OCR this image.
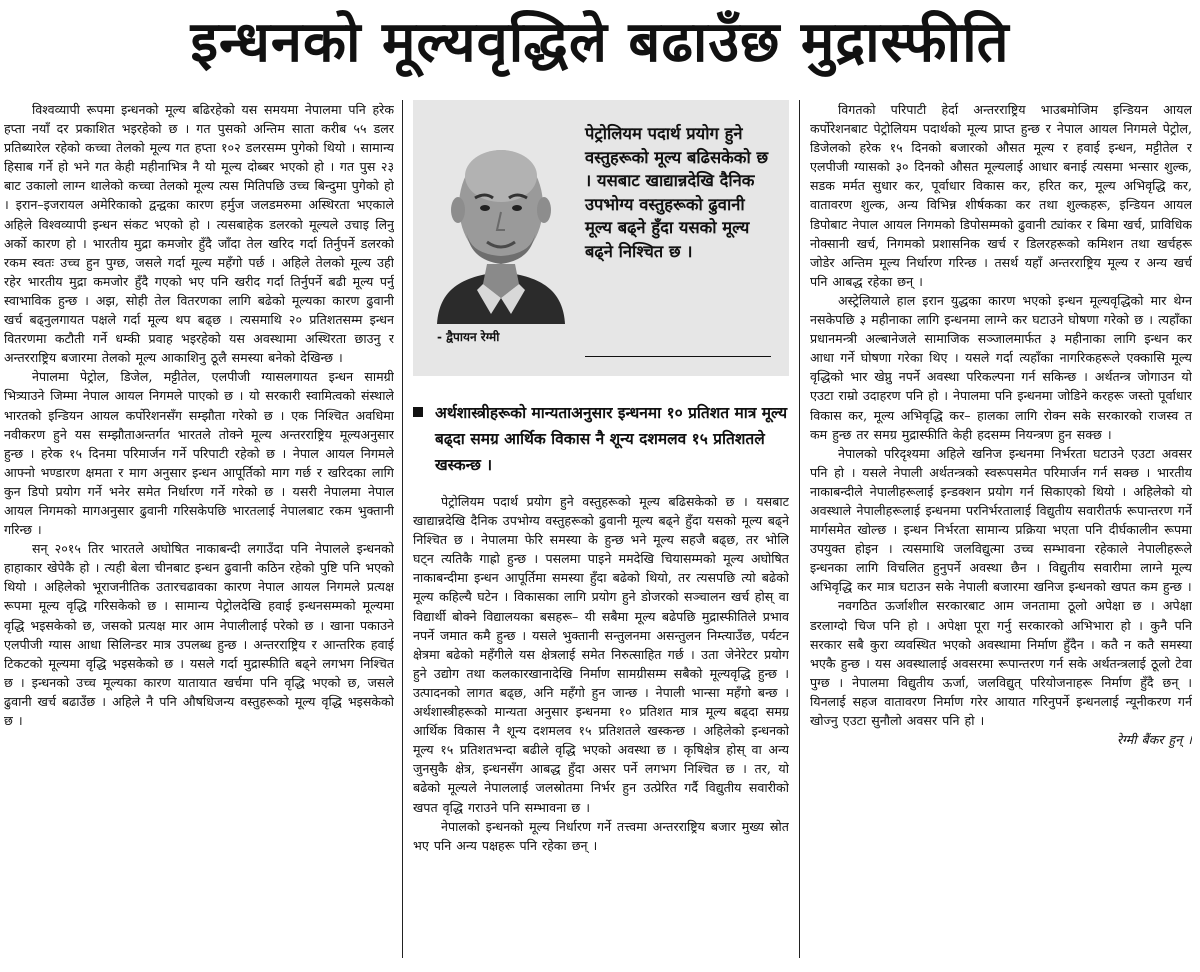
इन्धनको मूल्यवृद्धिले बढाउँछ मुद्रास्फीति

विश्वव्यापी रूपमा इन्धनको मूल्य बढिरहेको यस समयमा नेपालमा पनि हरेक हप्ता नयाँ दर प्रकाशित भइरहेको छ । गत पुसको अन्तिम साता करीब ५५ डलर प्रतिब्यारेल रहेको कच्चा तेलको मूल्य गत हप्ता १०२ डलरसम्म पुगेको थियो । सामान्य हिसाब गर्ने हो भने गत केही महीनाभित्र नै यो मूल्य दोब्बर भएको हो । गत पुस २३ बाट उकालो लाग्न थालेको कच्चा तेलको मूल्य त्यस मितिपछि उच्च बिन्दुमा पुगेको हो । इरान–इजरायल अमेरिकाको द्वन्द्वका कारण हर्मुज जलडमरुमा अस्थिरता भएकाले अहिले विश्वव्यापी इन्धन संकट भएको हो । त्यसबाहेक डलरको मूल्यले उचाइ लिनु अर्को कारण हो । भारतीय मुद्रा कमजोर हुँदै जाँदा तेल खरिद गर्दा तिर्नुपर्ने डलरको रकम स्वतः उच्च हुन पुग्छ, जसले गर्दा मूल्य महँगो पर्छ । अहिले तेलको मूल्य उही रहेर भारतीय मुद्रा कमजोर हुँदै गएको भए पनि खरीद गर्दा तिर्नुपर्ने बढी मूल्य पर्नु स्वाभाविक हुन्छ । अझ, सोही तेल वितरणका लागि बढेको मूल्यका कारण ढुवानी खर्च बढ्नुलगायत पक्षले गर्दा मूल्य थप बढ्छ । त्यसमाथि २० प्रतिशतसम्म इन्धन वितरणमा कटौती गर्ने धम्की प्रवाह भइरहेको यस अवस्थामा अस्थिरता छाउनु र अन्तरराष्ट्रिय बजारमा तेलको मूल्य आकाशिनु ठूलै समस्या बनेको देखिन्छ ।

नेपालमा पेट्रोल, डिजेल, मट्टीतेल, एलपीजी ग्यासलगायत इन्धन सामग्री भित्र्याउने जिम्मा नेपाल आयल निगमले पाएको छ । यो सरकारी स्वामित्वको संस्थाले भारतको इन्डियन आयल कर्पोरेशनसँग सम्झौता गरेको छ । एक निश्चित अवधिमा नवीकरण हुने यस सम्झौताअन्तर्गत भारतले तोक्ने मूल्य अन्तरराष्ट्रिय मूल्यअनुसार हुन्छ । हरेक १५ दिनमा परिमार्जन गर्ने परिपाटी रहेको छ । नेपाल आयल निगमले आफ्नो भण्डारण क्षमता र माग अनुसार इन्धन आपूर्तिको माग गर्छ र खरिदका लागि कुन डिपो प्रयोग गर्ने भनेर समेत निर्धारण गर्ने गरेको छ । यसरी नेपालमा नेपाल आयल निगमको मागअनुसार ढुवानी गरिसकेपछि भारतलाई नेपालबाट रकम भुक्तानी गरिन्छ ।

सन् २०१५ तिर भारतले अघोषित नाकाबन्दी लगाउँदा पनि नेपालले इन्धनको हाहाकार खेपेकै हो । त्यही बेला चीनबाट इन्धन ढुवानी कठिन रहेको पुष्टि पनि भएको थियो । अहिलेको भूराजनीतिक उतारचढावका कारण नेपाल आयल निगमले प्रत्यक्ष रूपमा मूल्य वृद्धि गरिसकेको छ । सामान्य पेट्रोलदेखि हवाई इन्धनसम्मको मूल्यमा वृद्धि भइसकेको छ, जसको प्रत्यक्ष मार आम नेपालीलाई परेको छ । खाना पकाउने एलपीजी ग्यास आधा सिलिन्डर मात्र उपलब्ध हुन्छ । अन्तरराष्ट्रिय र आन्तरिक हवाई टिकटको मूल्यमा वृद्धि भइसकेको छ । यसले गर्दा मुद्रास्फीति बढ्ने लगभग निश्चित छ । इन्धनको उच्च मूल्यका कारण यातायात खर्चमा पनि वृद्धि भएको छ, जसले ढुवानी खर्च बढाउँछ । अहिले नै पनि औषधिजन्य वस्तुहरूको मूल्य वृद्धि भइसकेको छ ।

- द्वैपायन रेग्मी
पेट्रोलियम पदार्थ प्रयोग हुने वस्तुहरूको मूल्य बढिसकेको छ । यसबाट खाद्यान्नदेखि दैनिक उपभोग्य वस्तुहरूको ढुवानी मूल्य बढ्ने हुँदा यसको मूल्य बढ्ने निश्चित छ ।
अर्थशास्त्रीहरूको मान्यताअनुसार इन्धनमा १० प्रतिशत मात्र मूल्य बढ्दा समग्र आर्थिक विकास नै शून्य दशमलव १५ प्रतिशतले खस्कन्छ ।

पेट्रोलियम पदार्थ प्रयोग हुने वस्तुहरूको मूल्य बढिसकेको छ । यसबाट खाद्यान्नदेखि दैनिक उपभोग्य वस्तुहरूको ढुवानी मूल्य बढ्ने हुँदा यसको मूल्य बढ्ने निश्चित छ । नेपालमा फेरि समस्या के हुन्छ भने मूल्य सहजै बढ्छ, तर भोलि घट्न त्यतिकै गाह्रो हुन्छ । पसलमा पाइने ममदेखि चियासम्मको मूल्य अघोषित नाकाबन्दीमा इन्धन आपूर्तिमा समस्या हुँदा बढेको थियो, तर त्यसपछि त्यो बढेको मूल्य कहिल्यै घटेन । विकासका लागि प्रयोग हुने डोजरको सञ्चालन खर्च होस् वा विद्यार्थी बोक्ने विद्यालयका बसहरू– यी सबैमा मूल्य बढेपछि मुद्रास्फीतिले प्रभाव नपर्ने जमात कमै हुन्छ । यसले भुक्तानी सन्तुलनमा असन्तुलन निम्त्याउँछ, पर्यटन क्षेत्रमा बढेको महँगीले यस क्षेत्रलाई समेत निरुत्साहित गर्छ । उता जेनेरेटर प्रयोग हुने उद्योग तथा कलकारखानादेखि निर्माण सामग्रीसम्म सबैको मूल्यवृद्धि हुन्छ । उत्पादनको लागत बढ्छ, अनि महँगो हुन जान्छ । नेपाली भान्सा महँगो बन्छ । अर्थशास्त्रीहरूको मान्यता अनुसार इन्धनमा १० प्रतिशत मात्र मूल्य बढ्दा समग्र आर्थिक विकास नै शून्य दशमलव १५ प्रतिशतले खस्कन्छ । अहिलेको इन्धनको मूल्य १५ प्रतिशतभन्दा बढीले वृद्धि भएको अवस्था छ । कृषिक्षेत्र होस् वा अन्य जुनसुकै क्षेत्र, इन्धनसँग आबद्ध हुँदा असर पर्ने लगभग निश्चित छ । तर, यो बढेको मूल्यले नेपाललाई जलस्रोतमा निर्भर हुन उत्प्रेरित गर्दै विद्युतीय सवारीको खपत वृद्धि गराउने पनि सम्भावना छ ।

नेपालको इन्धनको मूल्य निर्धारण गर्ने तत्त्वमा अन्तरराष्ट्रिय बजार मुख्य स्रोत भए पनि अन्य पक्षहरू पनि रहेका छन् ।

विगतको परिपाटी हेर्दा अन्तरराष्ट्रिय भाउबमोजिम इन्डियन आयल कर्पोरेशनबाट पेट्रोलियम पदार्थको मूल्य प्राप्त हुन्छ र नेपाल आयल निगमले पेट्रोल, डिजेलको हरेक १५ दिनको बजारको औसत मूल्य र हवाई इन्धन, मट्टीतेल र एलपीजी ग्यासको ३० दिनको औसत मूल्यलाई आधार बनाई त्यसमा भन्सार शुल्क, सडक मर्मत सुधार कर, पूर्वाधार विकास कर, हरित कर, मूल्य अभिवृद्धि कर, वातावरण शुल्क, अन्य विभिन्न शीर्षकका कर तथा शुल्कहरू, इन्डियन आयल डिपोबाट नेपाल आयल निगमको डिपोसम्मको ढुवानी ट्यांकर र बिमा खर्च, प्राविधिक नोक्सानी खर्च, निगमको प्रशासनिक खर्च र डिलरहरूको कमिशन तथा खर्चहरू जोडेर अन्तिम मूल्य निर्धारण गरिन्छ । तसर्थ यहाँ अन्तरराष्ट्रिय मूल्य र अन्य खर्च पनि आबद्ध रहेका छन् ।

अस्ट्रेलियाले हाल इरान युद्धका कारण भएको इन्धन मूल्यवृद्धिको मार थेग्न नसकेपछि ३ महीनाका लागि इन्धनमा लाग्ने कर घटाउने घोषणा गरेको छ । त्यहाँका प्रधानमन्त्री अल्बानेजले सामाजिक सञ्जालमार्फत ३ महीनाका लागि इन्धन कर आधा गर्ने घोषणा गरेका थिए । यसले गर्दा त्यहाँका नागरिकहरूले एक्कासि मूल्य वृद्धिको भार खेप्नु नपर्ने अवस्था परिकल्पना गर्न सकिन्छ । अर्थतन्त्र जोगाउन यो एउटा राम्रो उदाहरण पनि हो । नेपालमा पनि इन्धनमा जोडिने करहरू जस्तो पूर्वाधार विकास कर, मूल्य अभिवृद्धि कर– हालका लागि रोक्न सके सरकारको राजस्व त कम हुन्छ तर समग्र मुद्रास्फीति केही हदसम्म नियन्त्रण हुन सक्छ ।

नेपालको परिदृश्यमा अहिले खनिज इन्धनमा निर्भरता घटाउने एउटा अवसर पनि हो । यसले नेपाली अर्थतन्त्रको स्वरूपसमेत परिमार्जन गर्न सक्छ । भारतीय नाकाबन्दीले नेपालीहरूलाई इन्डक्शन प्रयोग गर्न सिकाएको थियो । अहिलेको यो अवस्थाले नेपालीहरूलाई इन्धनमा परनिर्भरतालाई विद्युतीय सवारीतर्फ रूपान्तरण गर्ने मार्गसमेत खोल्छ । इन्धन निर्भरता सामान्य प्रक्रिया भएता पनि दीर्घकालीन रूपमा उपयुक्त होइन । त्यसमाथि जलविद्युत्मा उच्च सम्भावना रहेकाले नेपालीहरूले इन्धनका लागि विचलित हुनुपर्ने अवस्था छैन । विद्युतीय सवारीमा लाग्ने मूल्य अभिवृद्धि कर मात्र घटाउन सके नेपाली बजारमा खनिज इन्धनको खपत कम हुन्छ ।

नवगठित ऊर्जाशील सरकारबाट आम जनतामा ठूलो अपेक्षा छ । अपेक्षा डरलाग्दो चिज पनि हो । अपेक्षा पूरा गर्नु सरकारको अभिभारा हो । कुनै पनि सरकार सबै कुरा व्यवस्थित भएको अवस्थामा निर्माण हुँदैन । कतै न कतै समस्या भएकै हुन्छ । यस अवस्थालाई अवसरमा रूपान्तरण गर्न सके अर्थतन्त्रलाई ठूलो टेवा पुग्छ । नेपालमा विद्युतीय ऊर्जा, जलविद्युत् परियोजनाहरू निर्माण हुँदै छन् । यिनलाई सहज वातावरण निर्माण गरेर आयात गरिनुपर्ने इन्धनलाई न्यूनीकरण गर्न खोज्नु एउटा सुनौलो अवसर पनि हो ।

रेग्मी बैंकर हुन् ।
